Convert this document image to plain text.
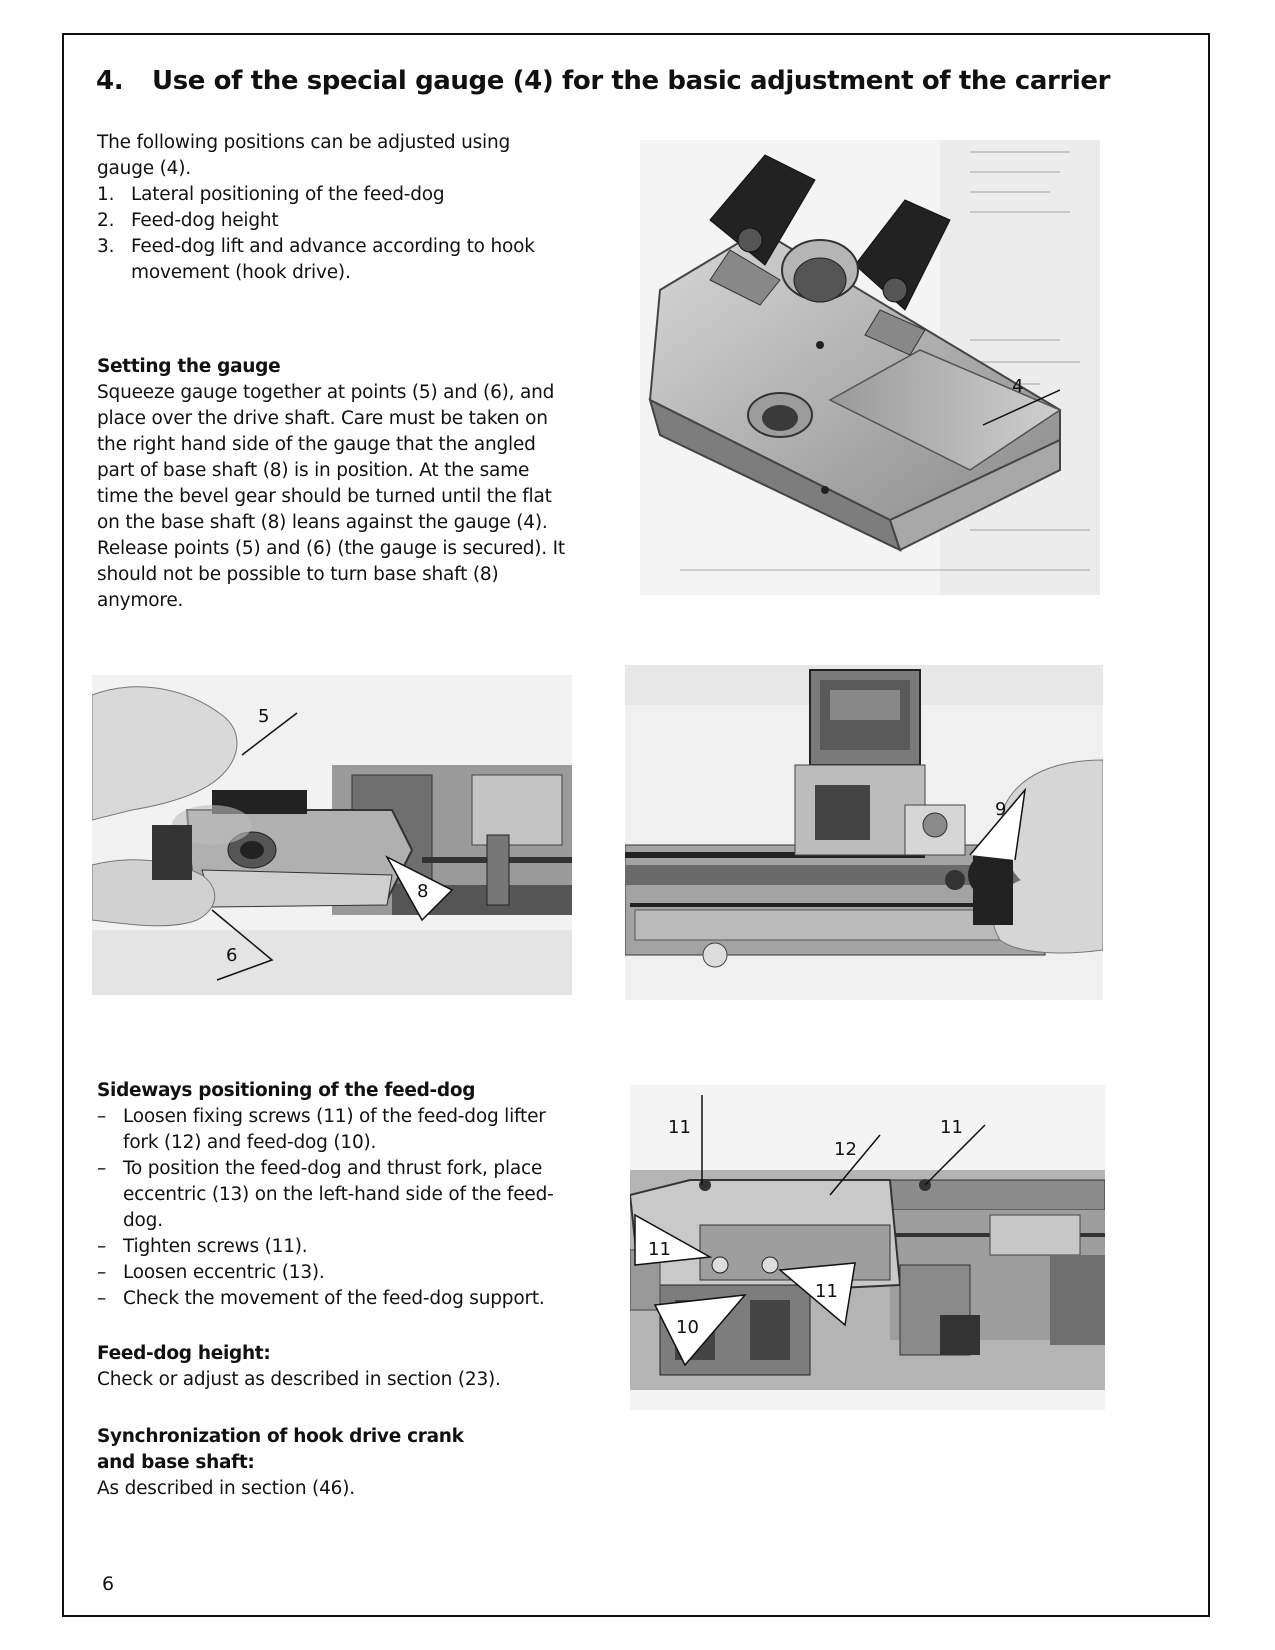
4. Use of the special gauge (4) for the basic adjustment of the carrier

The following positions can be adjusted using gauge (4).

1. Lateral positioning of the feed-dog
2. Feed-dog height
3. Feed-dog lift and advance according to hook movement (hook drive).
Setting the gauge

Squeeze gauge together at points (5) and (6), and place over the drive shaft. Care must be taken on the right hand side of the gauge that the angled part of base shaft (8) is in position. At the same time the bevel gear should be turned until the flat on the base shaft (8) leans against the gauge (4). Release points (5) and (6) (the gauge is secured). It should not be possible to turn base shaft (8) anymore.

Sideways positioning of the feed-dog
– Loosen fixing screws (11) of the feed-dog lifter fork (12) and feed-dog (10).
– To position the feed-dog and thrust fork, place eccentric (13) on the left-hand side of the feed-dog.
– Tighten screws (11).
– Loosen eccentric (13).
– Check the movement of the feed-dog support.
Feed-dog height:

Check or adjust as described in section (23).

Synchronization of hook drive crank and base shaft:

As described in section (46).

6
4
5
6
8
9
11
12
11
11
11
10
